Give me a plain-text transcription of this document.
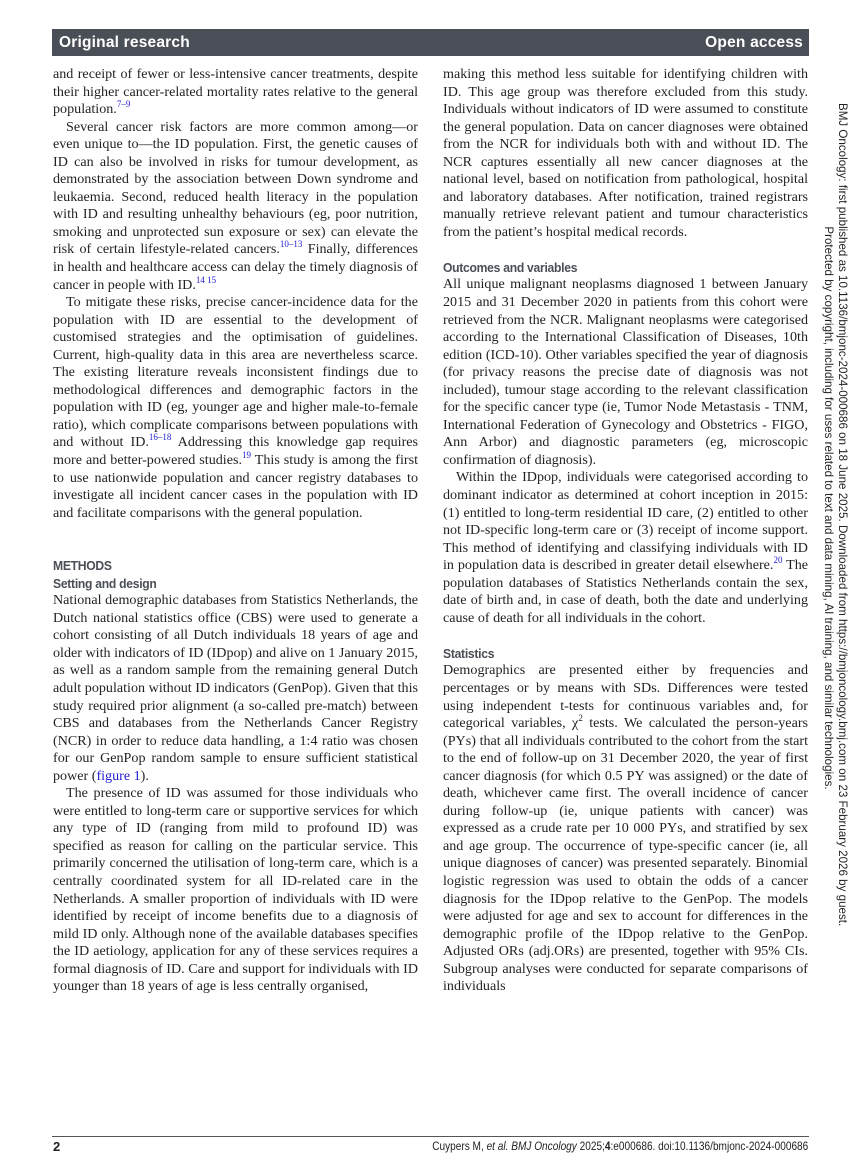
Original research	Open access

and receipt of fewer or less-intensive cancer treatments, despite their higher cancer-related mortality rates relative to the general population.$^{7-9}$

Several cancer risk factors are more common among—or even unique to—the ID population. First, the genetic causes of ID can also be involved in risks for tumour development, as demonstrated by the association between Down syndrome and leukaemia. Second, reduced health literacy in the population with ID and resulting unhealthy behaviours (eg, poor nutrition, smoking and unprotected sun exposure or sex) can elevate the risk of certain lifestyle-related cancers.$^{10-13}$ Finally, differences in health and healthcare access can delay the timely diagnosis of cancer in people with ID.$^{14 15}$

To mitigate these risks, precise cancer-incidence data for the population with ID are essential to the development of customised strategies and the optimisation of guidelines. Current, high-quality data in this area are nevertheless scarce. The existing literature reveals inconsistent findings due to methodological differences and demographic factors in the population with ID (eg, younger age and higher male-to-female ratio), which complicate comparisons between populations with and without ID.$^{16-18}$ Addressing this knowledge gap requires more and better-powered studies.$^{19}$ This study is among the first to use nationwide population and cancer registry databases to investigate all incident cancer cases in the population with ID and facilitate comparisons with the general population.

METHODS
Setting and design

National demographic databases from Statistics Netherlands, the Dutch national statistics office (CBS) were used to generate a cohort consisting of all Dutch individuals 18 years of age and older with indicators of ID (IDpop) and alive on 1 January 2015, as well as a random sample from the remaining general Dutch adult population without ID indicators (GenPop). Given that this study required prior alignment (a so-called pre-match) between CBS and databases from the Netherlands Cancer Registry (NCR) in order to reduce data handling, a 1:4 ratio was chosen for our GenPop random sample to ensure sufficient statistical power (figure 1).

The presence of ID was assumed for those individuals who were entitled to long-term care or supportive services for which any type of ID (ranging from mild to profound ID) was specified as reason for calling on the particular service. This primarily concerned the utilisation of long-term care, which is a centrally coordinated system for all ID-related care in the Netherlands. A smaller proportion of individuals with ID were identified by receipt of income benefits due to a diagnosis of mild ID only. Although none of the available databases specifies the ID aetiology, application for any of these services requires a formal diagnosis of ID. Care and support for individuals with ID younger than 18 years of age is less centrally organised,

making this method less suitable for identifying children with ID. This age group was therefore excluded from this study. Individuals without indicators of ID were assumed to constitute the general population. Data on cancer diagnoses were obtained from the NCR for individuals both with and without ID. The NCR captures essentially all new cancer diagnoses at the national level, based on notification from pathological, hospital and laboratory databases. After notification, trained registrars manually retrieve relevant patient and tumour characteristics from the patient’s hospital medical records.

Outcomes and variables

All unique malignant neoplasms diagnosed 1 between January 2015 and 31 December 2020 in patients from this cohort were retrieved from the NCR. Malignant neoplasms were categorised according to the International Classification of Diseases, 10th edition (ICD-10). Other variables specified the year of diagnosis (for privacy reasons the precise date of diagnosis was not included), tumour stage according to the relevant classification for the specific cancer type (ie, Tumor Node Metastasis - TNM, International Federation of Gynecology and Obstetrics - FIGO, Ann Arbor) and diagnostic parameters (eg, microscopic confirmation of diagnosis).

Within the IDpop, individuals were categorised according to dominant indicator as determined at cohort inception in 2015: (1) entitled to long-term residential ID care, (2) entitled to other not ID-specific long-term care or (3) receipt of income support. This method of identifying and classifying individuals with ID in population data is described in greater detail elsewhere.$^{20}$ The population databases of Statistics Netherlands contain the sex, date of birth and, in case of death, both the date and underlying cause of death for all individuals in the cohort.

Statistics

Demographics are presented either by frequencies and percentages or by means with SDs. Differences were tested using independent t-tests for continuous variables and, for categorical variables, $\chi^2$ tests. We calculated the person-years (PYs) that all individuals contributed to the cohort from the start to the end of follow-up on 31 December 2020, the year of first cancer diagnosis (for which 0.5 PY was assigned) or the date of death, whichever came first. The overall incidence of cancer during follow-up (ie, unique patients with cancer) was expressed as a crude rate per 10 000 PYs, and stratified by sex and age group. The occurrence of type-specific cancer (ie, all unique diagnoses of cancer) was presented separately. Binomial logistic regression was used to obtain the odds of a cancer diagnosis for the IDpop relative to the GenPop. The models were adjusted for age and sex to account for differences in the demographic profile of the IDpop relative to the GenPop. Adjusted ORs (adj.ORs) are presented, together with 95% CIs. Subgroup analyses were conducted for separate comparisons of individuals

2	Cuypers M, et al. BMJ Oncology 2025;4:e000686. doi:10.1136/bmjonc-2024-000686
BMJ Oncology: first published as 10.1136/bmjonc-2024-000686 on 18 June 2025. Downloaded from https://bmjoncology.bmj.com on 23 February 2026 by guest.
Protected by copyright, including for uses related to text and data mining, AI training, and similar technologies.
